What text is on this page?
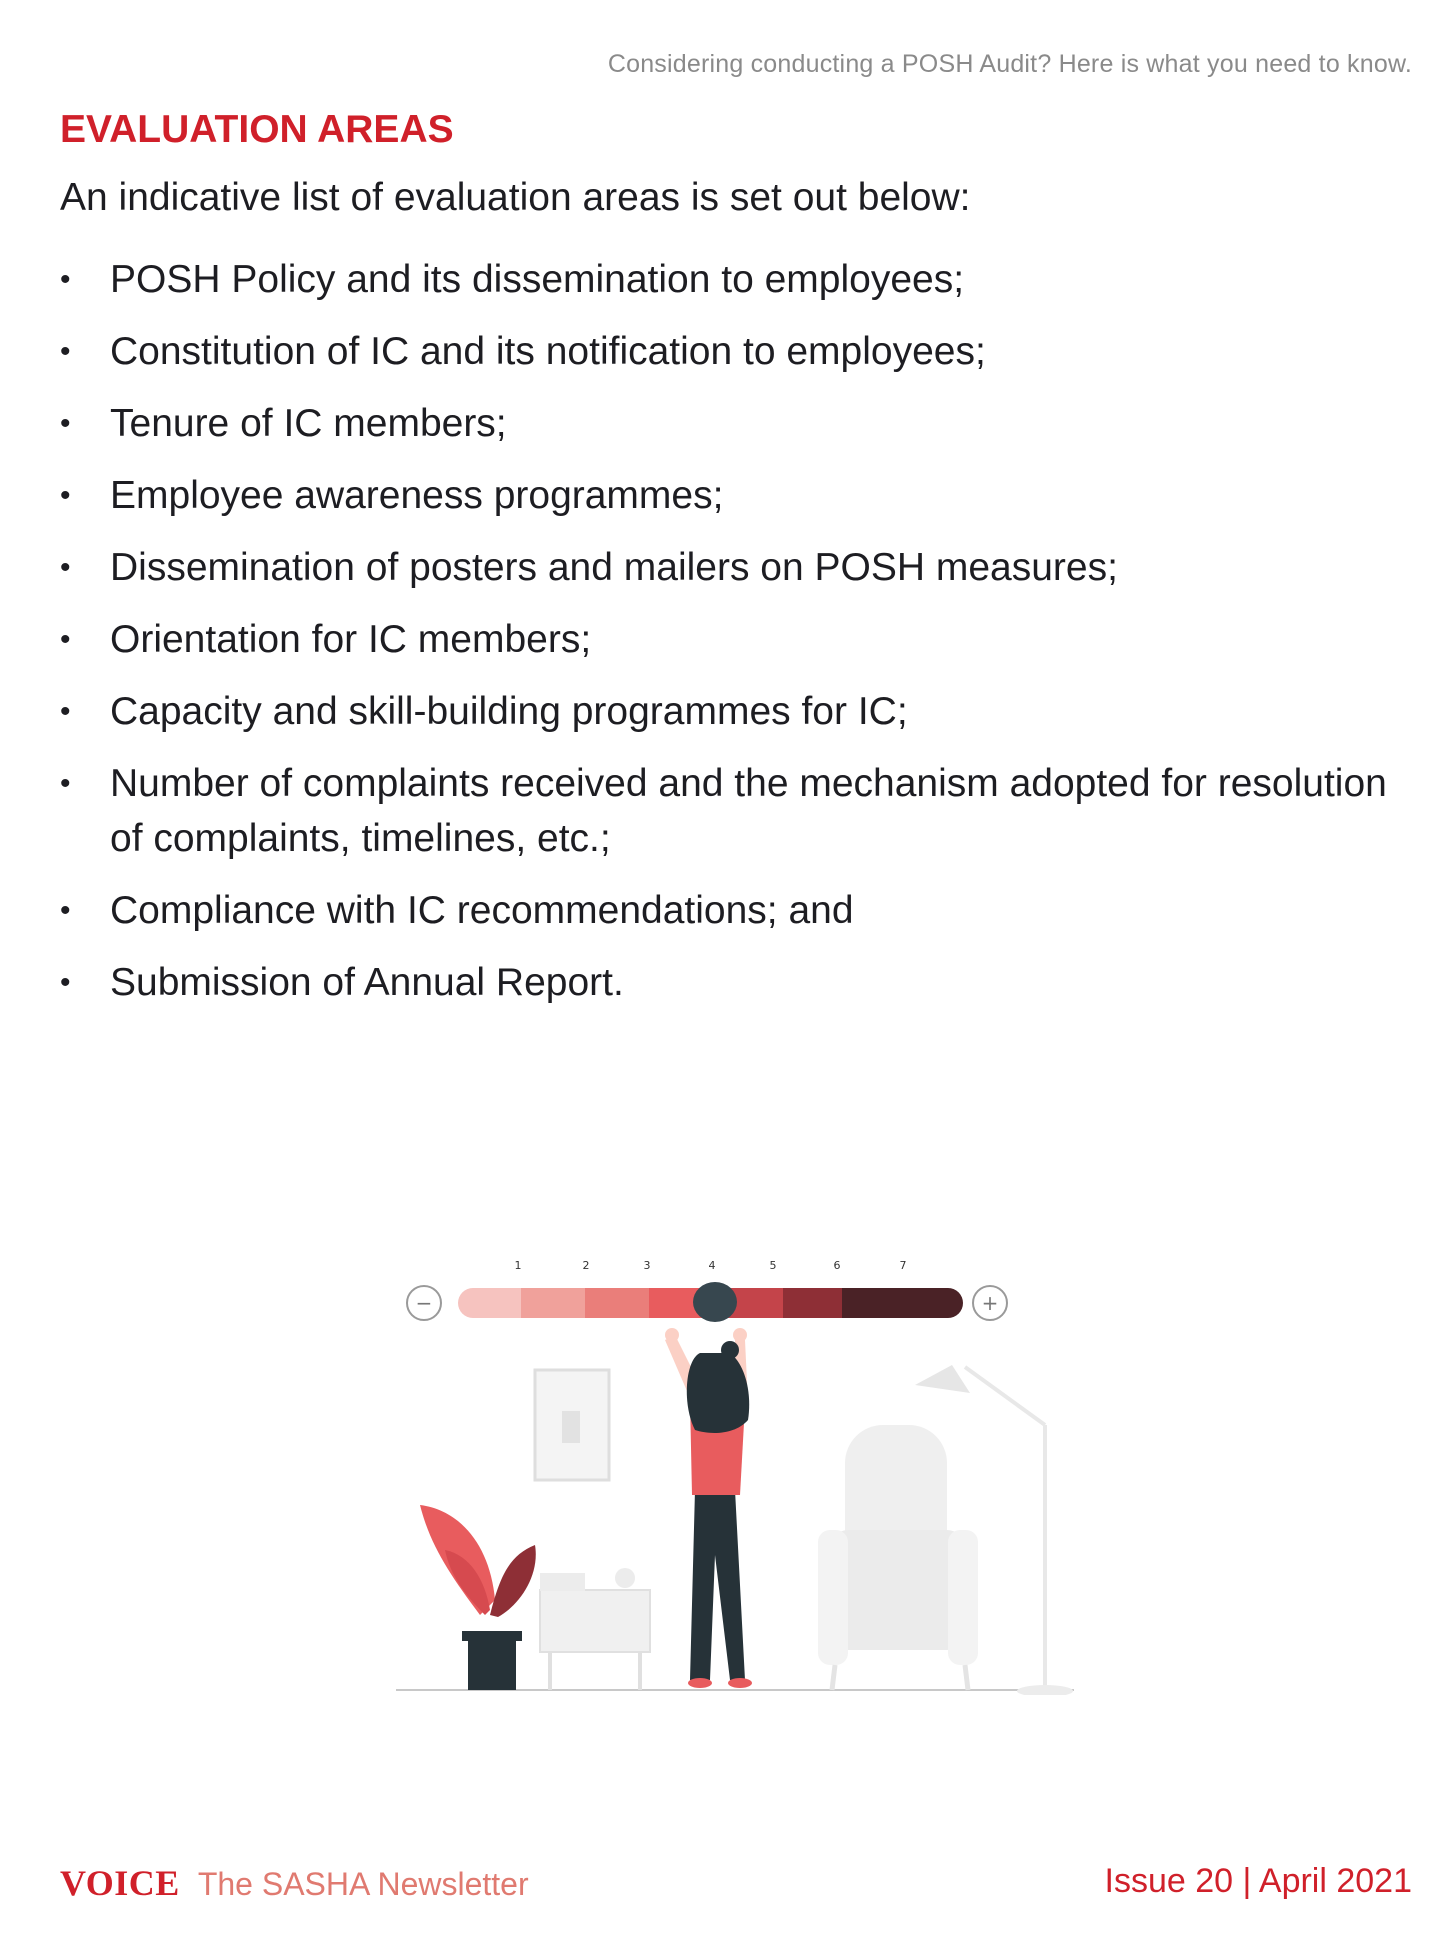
Considering conducting a POSH Audit? Here is what you need to know.
EVALUATION AREAS

An indicative list of evaluation areas is set out below:

• POSH Policy and its dissemination to employees;
• Constitution of IC and its notification to employees;
• Tenure of IC members;
• Employee awareness programmes;
• Dissemination of posters and mailers on POSH measures;
• Orientation for IC members;
• Capacity and skill-building programmes for IC;
• Number of complaints received and the mechanism adopted for resolution of complaints, timelines, etc.;
• Compliance with IC recommendations; and
• Submission of Annual Report.
1	2	3	4	5	6	7
−	+
VOICE The SASHA Newsletter	Issue 20 | April 2021
